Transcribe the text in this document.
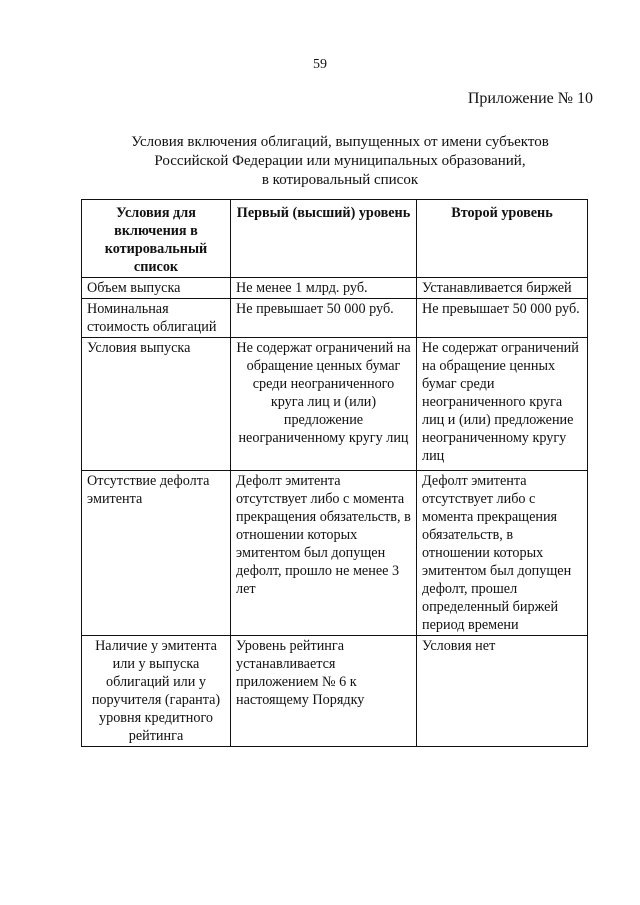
59
Приложение № 10
Условия включения облигаций, выпущенных от имени субъектов
Российской Федерации или муниципальных образований,
в котировальный список
Условия для включения в котировальный список	Первый (высший) уровень	Второй уровень
Объем выпуска	Не менее 1 млрд. руб.	Устанавливается биржей
Номинальная стоимость облигаций	Не превышает 50 000 руб.	Не превышает 50 000 руб.
Условия выпуска	Не содержат ограничений на обращение ценных бумаг среди неограниченного круга лиц и (или) предложение неограниченному кругу лиц	Не содержат ограничений на обращение ценных бумаг среди неограниченного круга лиц и (или) предложение неограниченному кругу лиц
Отсутствие дефолта эмитента	Дефолт эмитента отсутствует либо с момента прекращения обязательств, в отношении которых эмитентом был допущен дефолт, прошло не менее 3 лет	Дефолт эмитента отсутствует либо с момента прекращения обязательств, в отношении которых эмитентом был допущен дефолт, прошел определенный биржей период времени
Наличие у эмитента или у выпуска облигаций или у поручителя (гаранта) уровня кредитного рейтинга	Уровень рейтинга устанавливается приложением № 6 к настоящему Порядку	Условия нет
